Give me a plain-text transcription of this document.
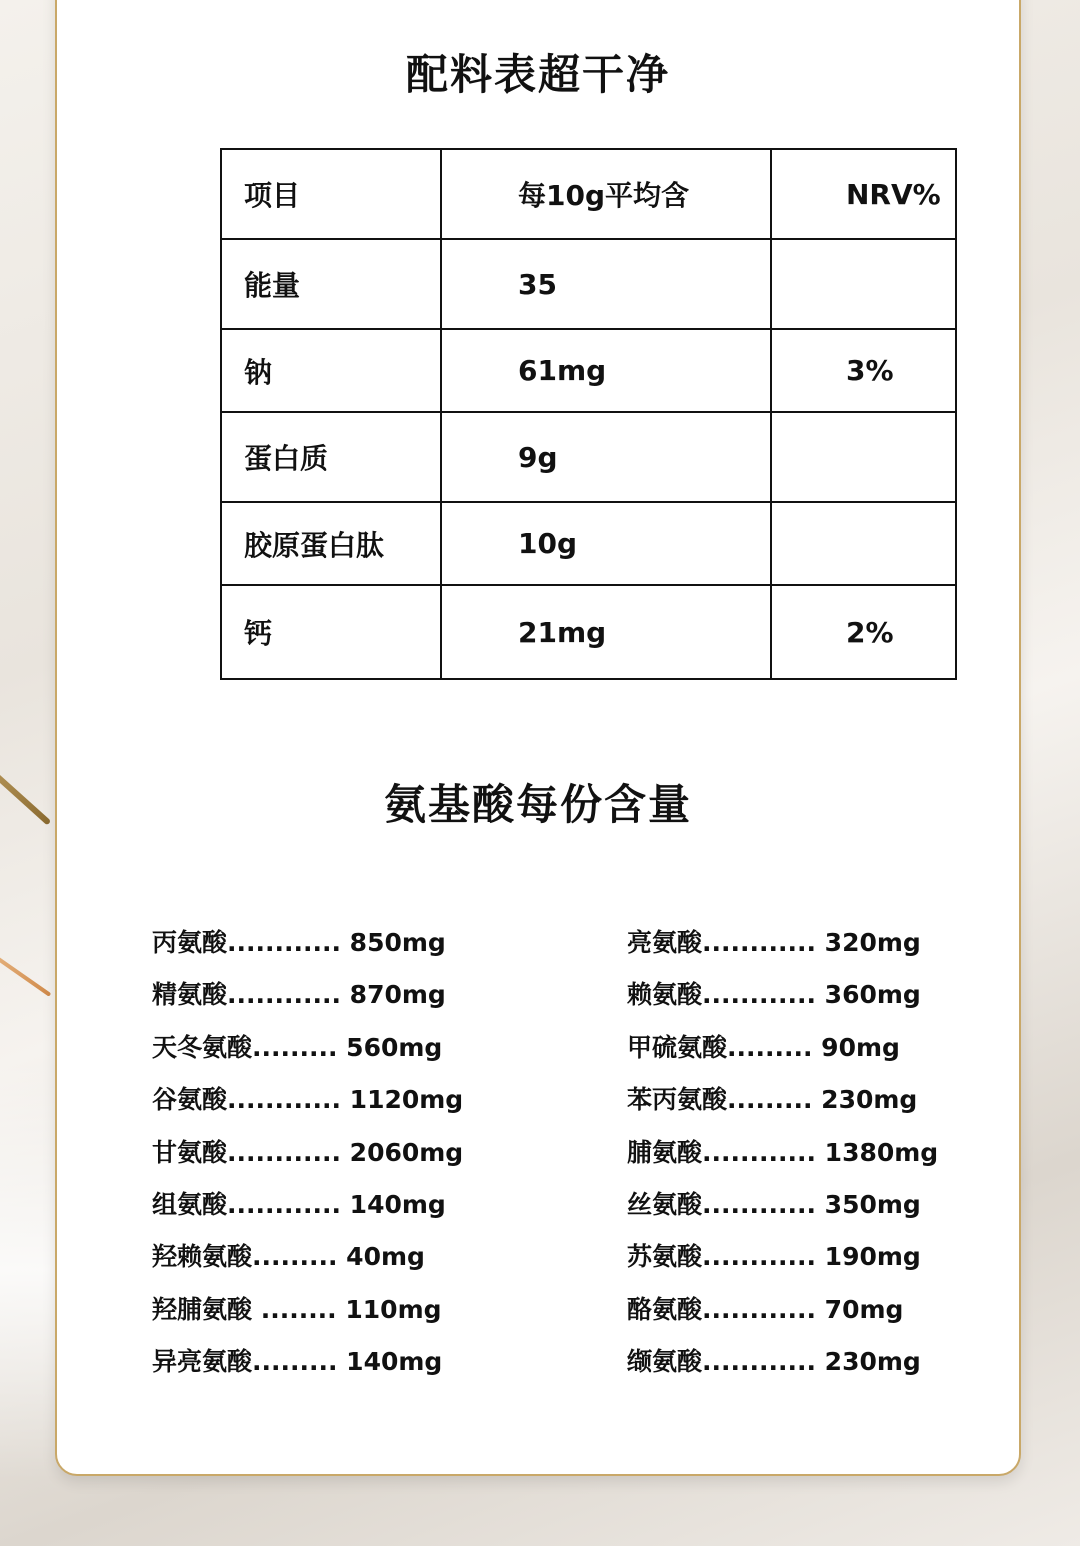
配料表超干净
项目	每10g平均含	NRV%
能量	35	
钠	61mg	3%
蛋白质	9g	
胶原蛋白肽	10g	
钙	21mg	2%
氨基酸每份含量
丙氨酸............ 850mg
精氨酸............ 870mg
天冬氨酸......... 560mg
谷氨酸............ 1120mg
甘氨酸............ 2060mg
组氨酸............ 140mg
羟赖氨酸......... 40mg
羟脯氨酸 ........ 110mg
异亮氨酸......... 140mg
亮氨酸............ 320mg
赖氨酸............ 360mg
甲硫氨酸......... 90mg
苯丙氨酸......... 230mg
脯氨酸............ 1380mg
丝氨酸............ 350mg
苏氨酸............ 190mg
酪氨酸............ 70mg
缬氨酸............ 230mg
